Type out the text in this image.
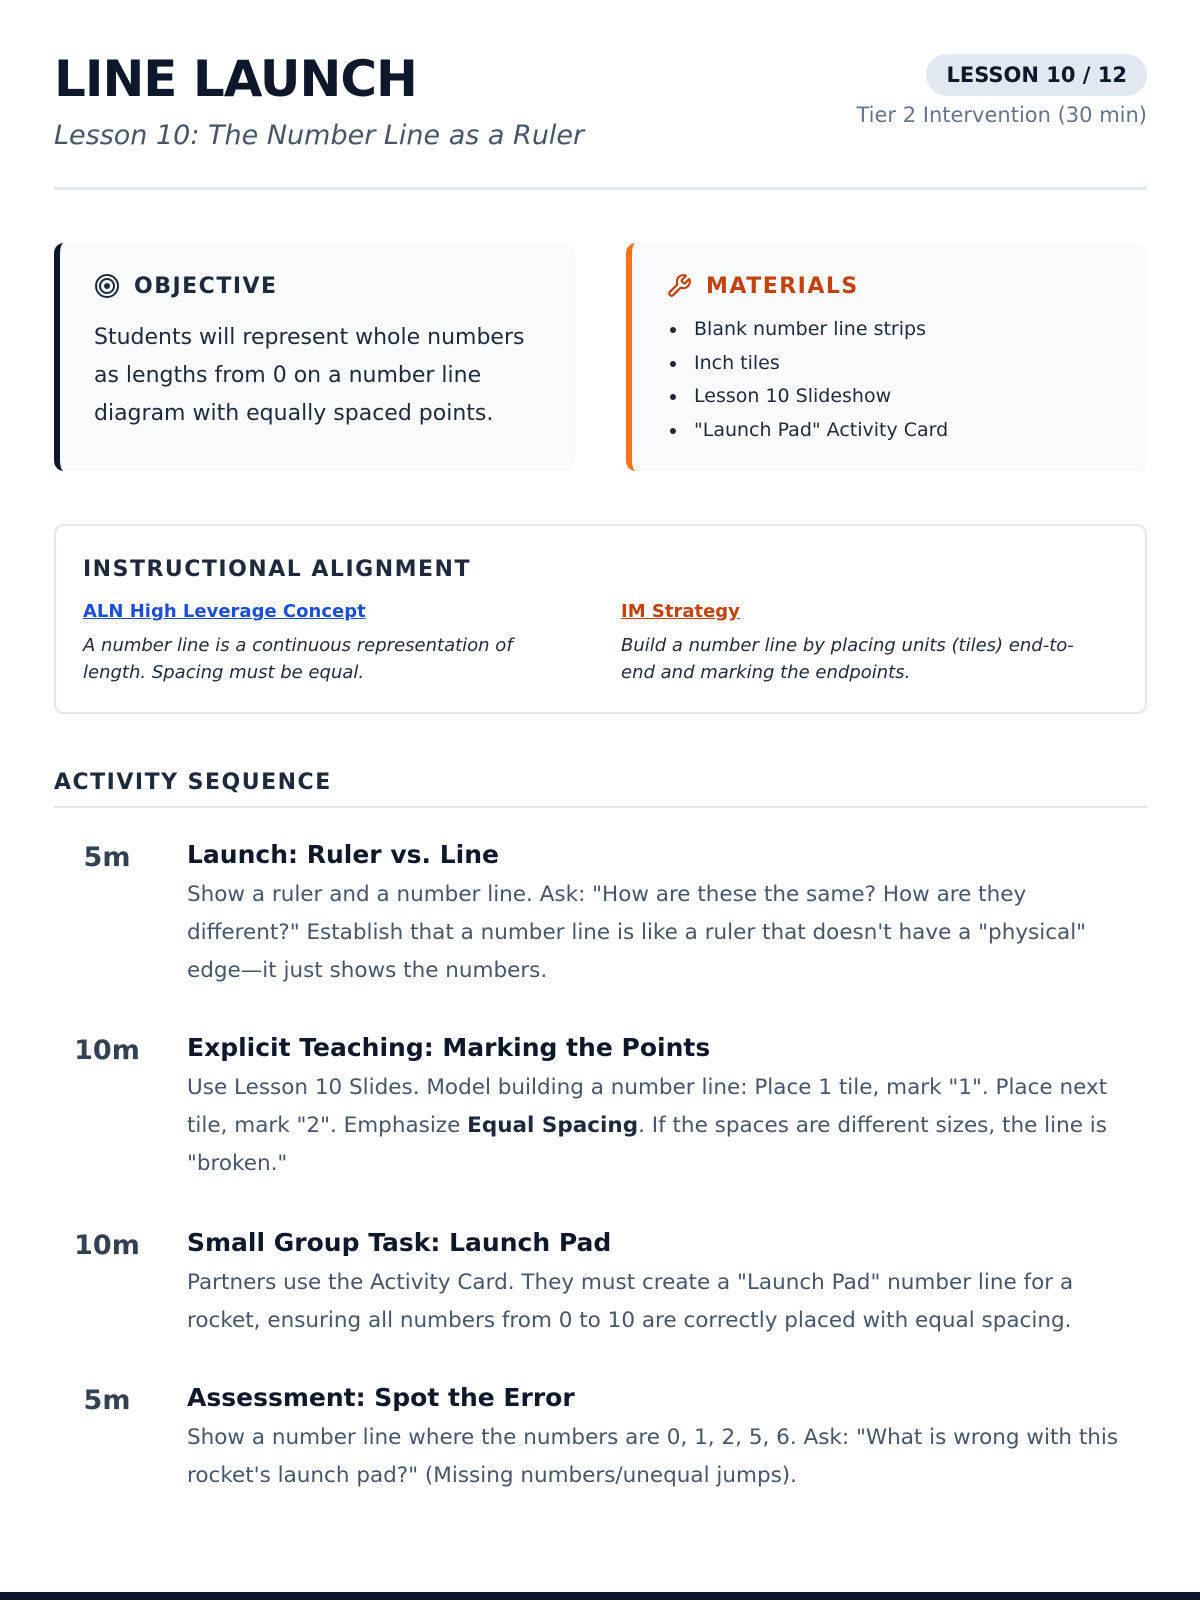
LINE LAUNCH
Lesson 10: The Number Line as a Ruler
LESSON 10 / 12
Tier 2 Intervention (30 min)
OBJECTIVE

Students will represent whole numbers as lengths from 0 on a number line diagram with equally spaced points.

MATERIALS
Blank number line strips
Inch tiles
Lesson 10 Slideshow
"Launch Pad" Activity Card
INSTRUCTIONAL ALIGNMENT
ALN High Leverage Concept

A number line is a continuous representation of length. Spacing must be equal.

IM Strategy

Build a number line by placing units (tiles) end-to-end and marking the endpoints.

ACTIVITY SEQUENCE
5m	Launch: Ruler vs. Line

Show a ruler and a number line. Ask: "How are these the same? How are they different?" Establish that a number line is like a ruler that doesn't have a "physical" edge—it just shows the numbers.

10m	Explicit Teaching: Marking the Points

Use Lesson 10 Slides. Model building a number line: Place 1 tile, mark "1". Place next tile, mark "2". Emphasize Equal Spacing. If the spaces are different sizes, the line is "broken."

10m	Small Group Task: Launch Pad

Partners use the Activity Card. They must create a "Launch Pad" number line for a rocket, ensuring all numbers from 0 to 10 are correctly placed with equal spacing.

5m	Assessment: Spot the Error

Show a number line where the numbers are 0, 1, 2, 5, 6. Ask: "What is wrong with this rocket's launch pad?" (Missing numbers/unequal jumps).
